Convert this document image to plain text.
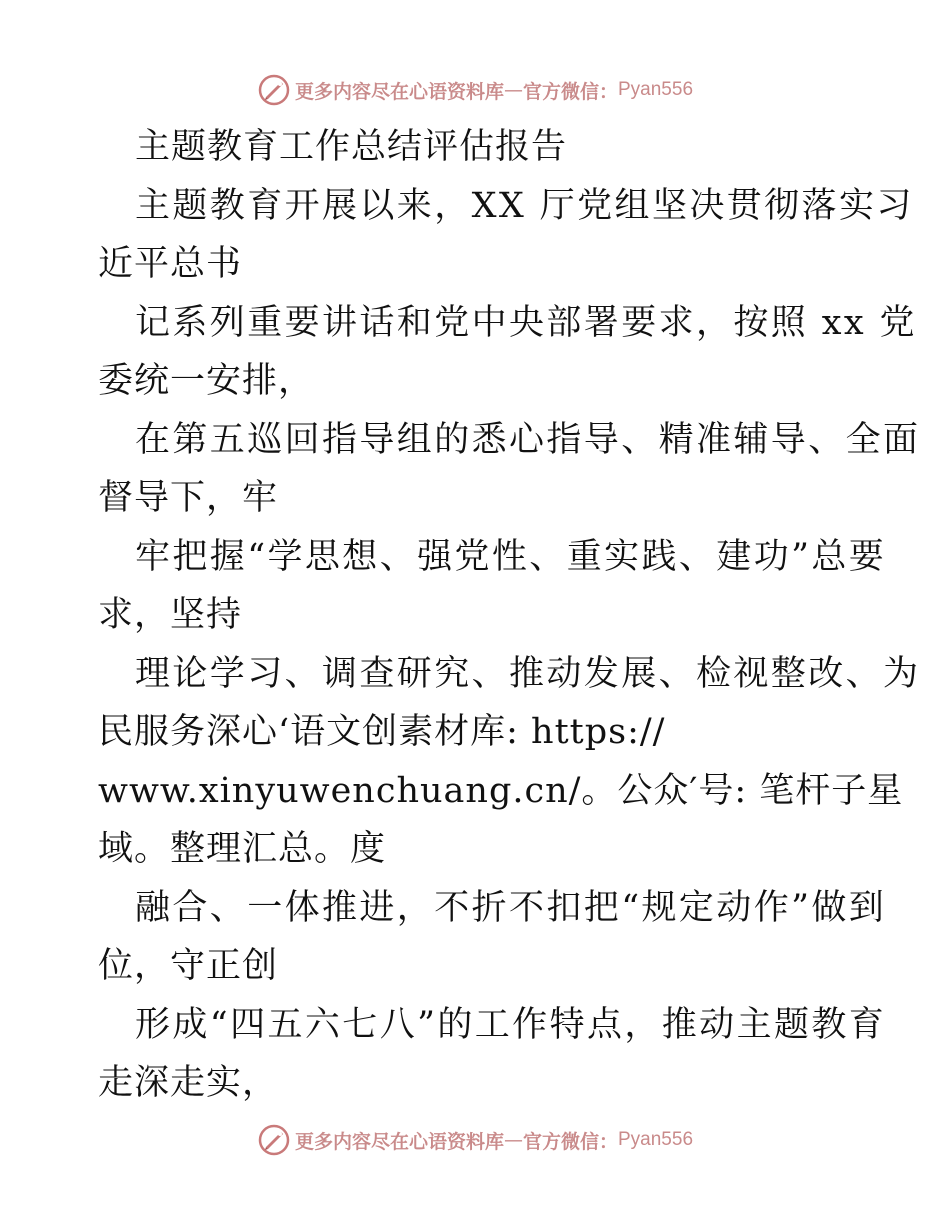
更多内容尽在心语资料库 — 官方微信： Pyan556
主题教育工作总结评估报告
主题教育开展以来，XX 厅党组坚决贯彻落实习
近平总书
记系列重要讲话和党中央部署要求，按照 xx 党
委统一安排，
在第五巡回指导组的悉心指导、精准辅导、全面
督导下，牢
牢把握“学思想、强党性、重实践、建功”总要
求，坚持
理论学习、调查研究、推动发展、检视整改、为
民服务深心‘语文创素材库: https://
www.xinyuwenchuang.cn/。公众′号: 笔杆子星
域。整理汇总。度
融合、一体推进，不折不扣把“规定动作”做到
位，守正创
形成“四五六七八”的工作特点，推动主题教育
走深走实，
更多内容尽在心语资料库 — 官方微信： Pyan556
